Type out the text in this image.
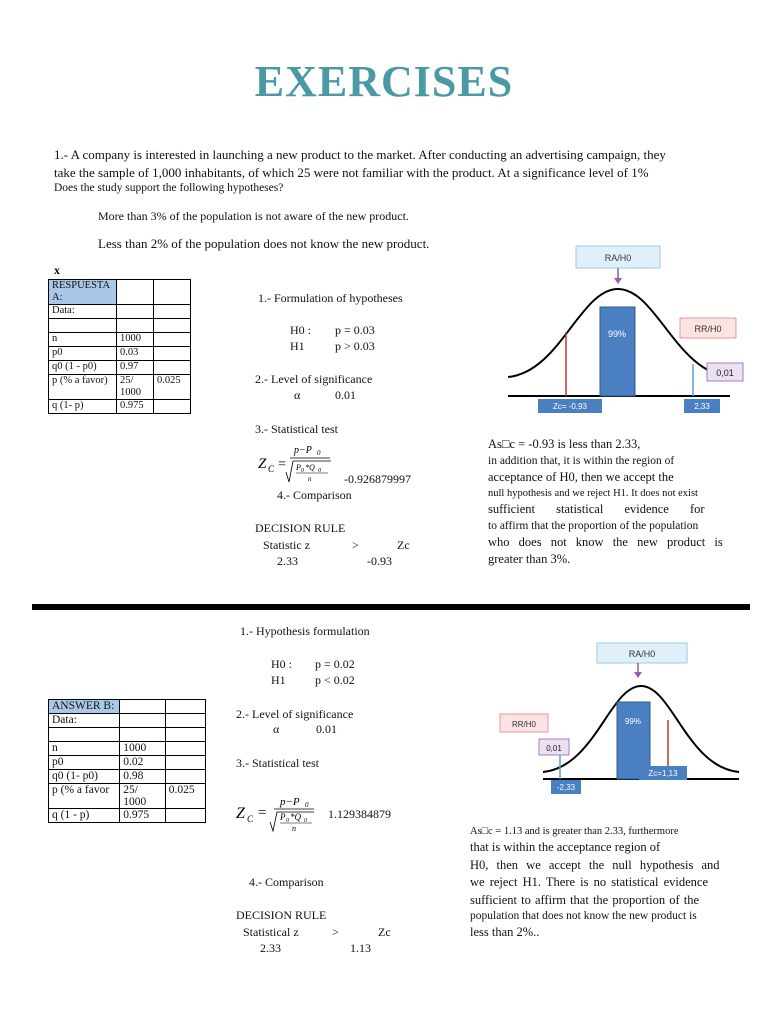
EXERCISES
1.- A company is interested in launching a new product to the market. After conducting an advertising campaign, they
take the sample of 1,000 inhabitants, of which 25 were not familiar with the product. At a significance level of 1%
Does the study support the following hypotheses?
More than 3% of the population is not aware of the new product.
Less than 2% of the population does not know the new product.
x
RESPUESTA A:		
Data:		

n	1000	
p0	0.03	
q0 (1 - p0)	0.97	
p (% a favor)	25/ 1000	0.025
q (1- p)	0.975	
1.- Formulation of hypotheses
H0 : p = 0.03
H1	p > 0.03
2.- Level of significance
α	0.01
3.- Statistical test
Z C =
p−P 0
P 0 *Q 0
n	-0.926879997
4.- Comparison
DECISION RULE
Statistic z	>	Zc
2.33	-0.93
RA/H0
99%	RR/H0
0,01
Zc= -0,93	2,33
As□c = -0.93 is less than 2.33,
in addition that, it is within the region of
acceptance of H0, then we accept the
null hypothesis and we reject H1. It does not exist
sufficient statistical evidence for
to affirm that the proportion of the population
who does not know the new product is
greater than 3%.
1.- Hypothesis formulation
H0 : p = 0.02
H1 p < 0.02
ANSWER B:		
Data:		

n	1000	
p0	0.02	
q0 (1- p0)	0.98	
p (% a favor	25/ 1000	0.025
q (1 - p)	0.975	
2.- Level of significance
α	0.01
3.- Statistical test
Z C =
p−P 0
P 0 *Q 0
n
1.129384879
4.- Comparison
DECISION RULE
Statistical z	>	Zc
2.33	1.13
RA/H0
99%
RR/H0
0,01
-2,33
Zc=1,13
As□c = 1.13 and is greater than 2.33, furthermore
that is within the acceptance region of
H0, then we accept the null hypothesis and
we reject H1. There is no statistical evidence
sufficient to affirm that the proportion of the
population that does not know the new product is
less than 2%..
